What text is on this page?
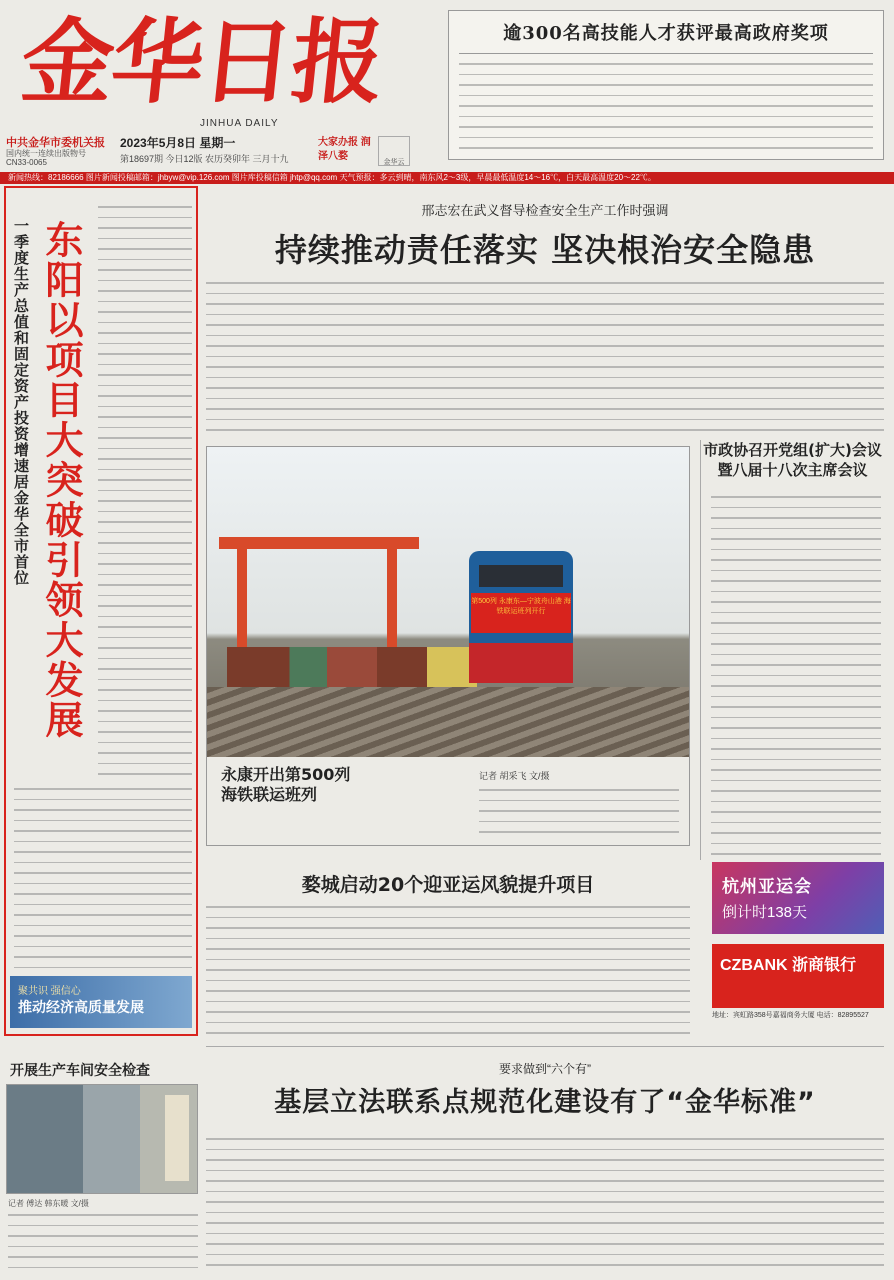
金华日报
JINHUA DAILY
中共金华市委机关报
国内统一连续出版物号
CN33-0065
2023年5月8日 星期一
第18697期 今日12版 农历癸卯年 三月十九
大家办报 润泽八婺	金华云
逾300名高技能人才获评最高政府奖项
新闻热线：82186666 图片新闻投稿邮箱：jhbyw@vip.126.com 图片库投稿信箱 jhtp@qq.com 天气预报：多云到晴，南东风2～3级，早晨最低温度14～16℃，白天最高温度20～22℃。
一季度生产总值和固定资产投资增速居金华全市首位 东阳以项目大突破引领大发展
聚共识 强信心
推动经济高质量发展
邢志宏在武义督导检查安全生产工作时强调
持续推动责任落实 坚决根治安全隐患
第500列 永康东—宁波舟山港 海铁联运班列开行
永康开出第500列
海铁联运班列
记者 胡采飞 文/摄
市政协召开党组(扩大)会议
暨八届十八次主席会议
婺城启动20个迎亚运风貌提升项目	杭州亚运会
倒计时138天
CZBANK 浙商银行
地址：宾虹路358号嘉福商务大厦 电话：82895527
要求做到“六个有”
基层立法联系点规范化建设有了“金华标准”
开展生产车间安全检查
记者 傅达 韩东暖 文/摄
